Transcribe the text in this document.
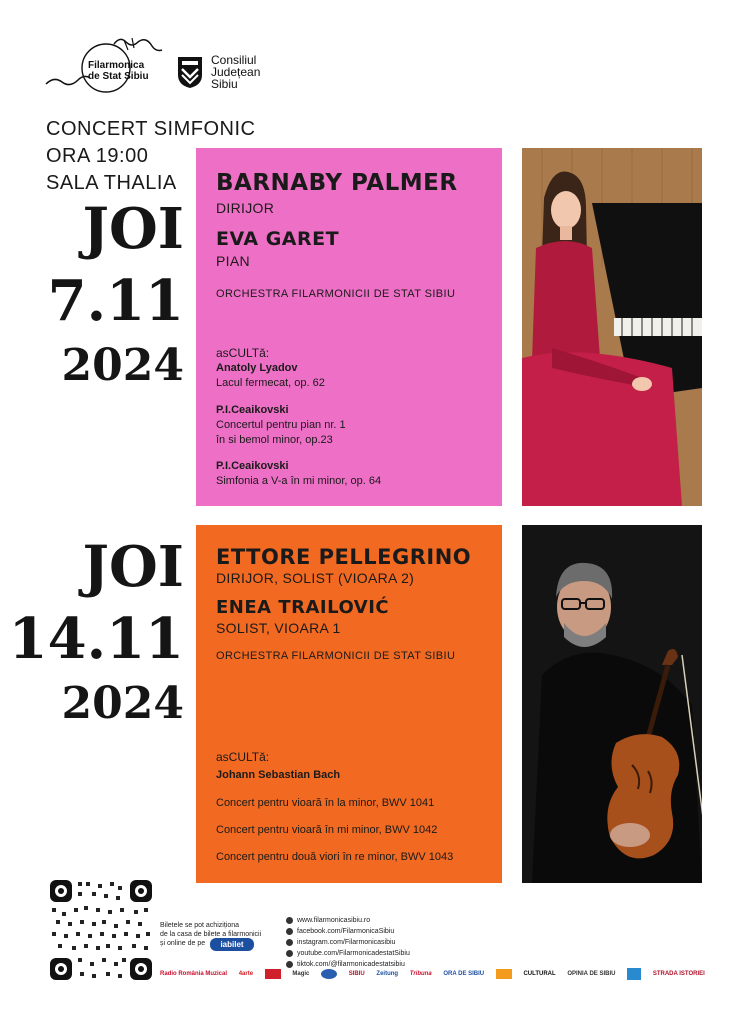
Filarmonica
de Stat Sibiu
Consiliul
Județean
Sibiu
CONCERT SIMFONIC
ORA 19:00
SALA THALIA
JOI
7.11
2024
BARNABY PALMER
DIRIJOR
EVA GARET
PIAN
ORCHESTRA FILARMONICII DE STAT SIBIU
asCULTă:
Anatoly Lyadov
Lacul fermecat, op. 62
P.I.Ceaikovski
Concertul pentru pian nr. 1
în si bemol minor, op.23
P.I.Ceaikovski
Simfonia a V-a în mi minor, op. 64
JOI
14.11
2024
ETTORE PELLEGRINO
DIRIJOR, SOLIST (VIOARA 2)
ENEA TRAILOVIĆ
SOLIST, VIOARA 1
ORCHESTRA FILARMONICII DE STAT SIBIU
asCULTă:
Johann Sebastian Bach
Concert pentru vioară în la minor, BWV 1041
Concert pentru vioară în mi minor, BWV 1042
Concert pentru două viori în re minor, BWV 1043
Biletele se pot achiziționa
de la casa de bilete a filarmonicii
și online de pe	iabilet
www.filarmonicasibiu.ro
facebook.com/FilarmonicaSibiu
instagram.com/Filarmonicasibiu
youtube.com/FilarmonicadestatSibiu
tiktok.com/@filarmonicadestatsibiu
Radio România Muzical 4arte	Magic	SIBIU Zeitung Tribuna ORA DE SIBIU	CULTURAL OPINIA DE SIBIU	STRADA ISTORIEI
